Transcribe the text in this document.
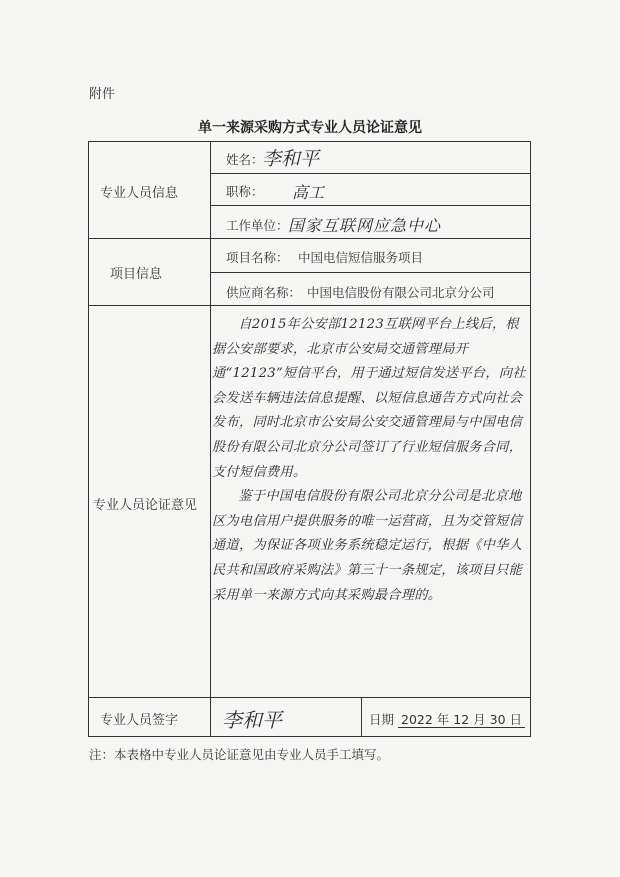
附件
单一来源采购方式专业人员论证意见
专业人员信息
项目信息
专业人员论证意见
专业人员签字
姓名：
李和平
职称： 高工
工作单位： 国家互联网应急中心
项目名称： 中国电信短信服务项目
供应商名称： 中国电信股份有限公司北京分公司

自2015年公安部12123互联网平台上线后，根据公安部要求，北京市公安局交通管理局开通“12123”短信平台，用于通过短信发送平台，向社会发送车辆违法信息提醒、以短信息通告方式向社会发布，同时北京市公安局公安交通管理局与中国电信股份有限公司北京分公司签订了行业短信服务合同，支付短信费用。

鉴于中国电信股份有限公司北京分公司是北京地区为电信用户提供服务的唯一运营商，且为交管短信通道，为保证各项业务系统稳定运行，根据《中华人民共和国政府采购法》第三十一条规定，该项目只能采用单一来源方式向其采购最合理的。

李和平	日期 2022 年 12 月 30 日
注：本表格中专业人员论证意见由专业人员手工填写。
